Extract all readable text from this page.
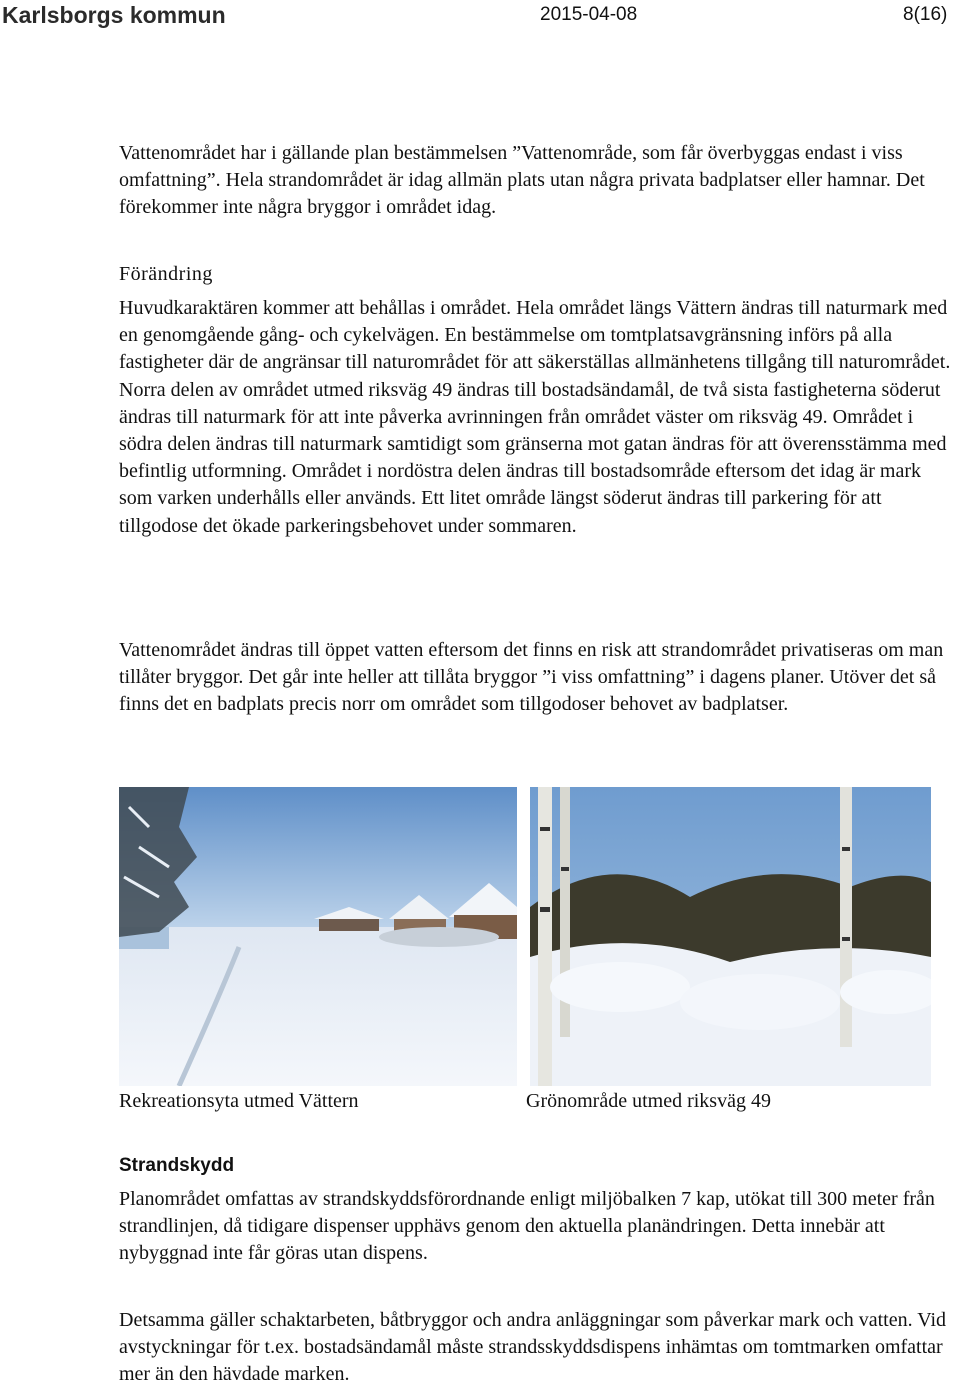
Karlsborgs kommun	2015-04-08	8(16)

Vattenområdet har i gällande plan bestämmelsen ”Vattenområde, som får överbyggas endast i viss omfattning”. Hela strandområdet är idag allmän plats utan några privata badplatser eller hamnar. Det förekommer inte några bryggor i området idag.

Förändring

Huvudkaraktären kommer att behållas i området. Hela området längs Vättern ändras till naturmark med en genomgående gång- och cykelvägen. En bestämmelse om tomtplatsavgränsning införs på alla fastigheter där de angränsar till naturområdet för att säkerställas allmänhetens tillgång till naturområdet. Norra delen av området utmed riksväg 49 ändras till bostadsändamål, de två sista fastigheterna söderut ändras till naturmark för att inte påverka avrinningen från området väster om riksväg 49. Området i södra delen ändras till naturmark samtidigt som gränserna mot gatan ändras för att överensstämma med befintlig utformning. Området i nordöstra delen ändras till bostadsområde eftersom det idag är mark som varken underhålls eller används. Ett litet område längst söderut ändras till parkering för att tillgodose det ökade parkeringsbehovet under sommaren.

Vattenområdet ändras till öppet vatten eftersom det finns en risk att strandområdet privatiseras om man tillåter bryggor. Det går inte heller att tillåta bryggor ”i viss omfattning” i dagens planer. Utöver det så finns det en badplats precis norr om området som tillgodoser behovet av badplatser.

Rekreationsyta utmed Vättern	Grönområde utmed riksväg 49

Strandskydd

Planområdet omfattas av strandskyddsförordnande enligt miljöbalken 7 kap, utökat till 300 meter från strandlinjen, då tidigare dispenser upphävs genom den aktuella planändringen. Detta innebär att nybyggnad inte får göras utan dispens.

Detsamma gäller schaktarbeten, båtbryggor och andra anläggningar som påverkar mark och vatten. Vid avstyckningar för t.ex. bostadsändamål måste strandsskyddsdispens inhämtas om tomtmarken omfattar mer än den hävdade marken.
